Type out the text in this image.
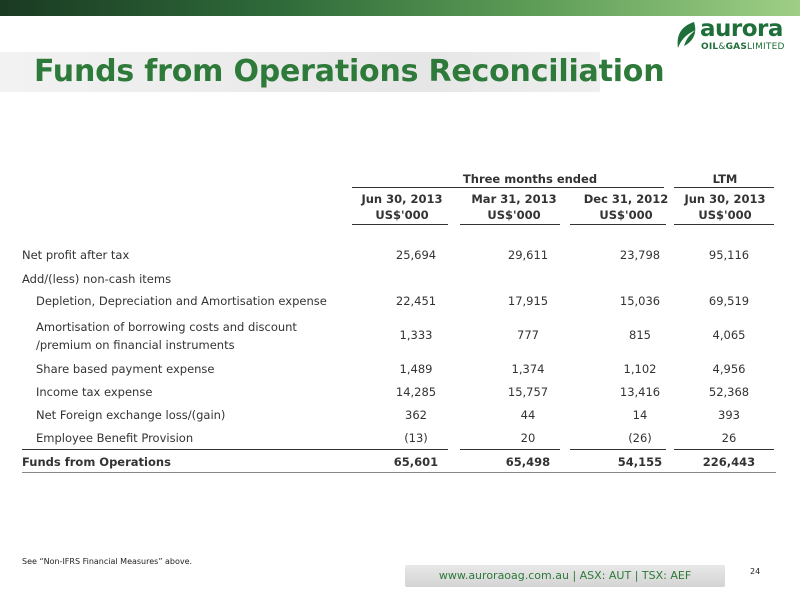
aurora
OIL&GASLIMITED
Funds from Operations Reconciliation
Three months ended	LTM
Jun 30, 2013
US$'000
Mar 31, 2013
US$'000
Dec 31, 2012
US$'000
Jun 30, 2013
US$'000
Net profit after tax	25,694	29,611	23,798	95,116
Add/(less) non-cash items
Depletion, Depreciation and Amortisation expense	22,451	17,915	15,036	69,519
Amortisation of borrowing costs and discount
/premium on financial instruments
1,333	777	815	4,065
Share based payment expense	1,489	1,374	1,102	4,956
Income tax expense	14,285	15,757	13,416	52,368
Net Foreign exchange loss/(gain)	362	44	14	393
Employee Benefit Provision	(13)	20	(26)	26
Funds from Operations	65,601	65,498	54,155	226,443
See “Non-IFRS Financial Measures” above.
www.auroraoag.com.au | ASX: AUT | TSX: AEF	24
